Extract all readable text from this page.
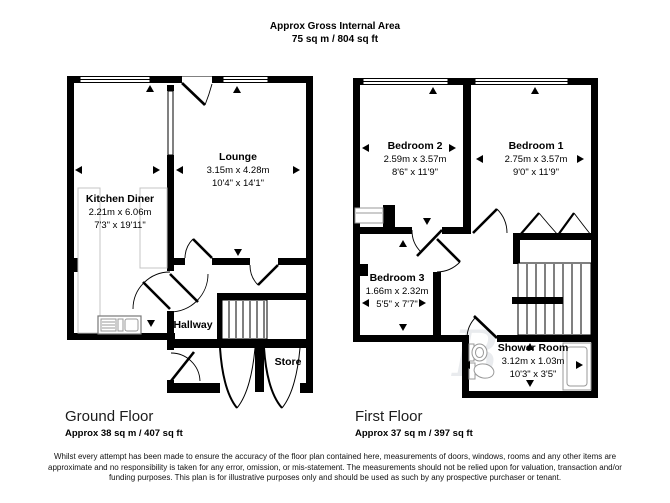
Approx Gross Internal Area
75 sq m / 804 sq ft
Kitchen Diner
2.21m x 6.06m
7'3" x 19'11"
Lounge
3.15m x 4.28m
10'4" x 14'1"
Hallway
Store
Bedroom 2
2.59m x 3.57m
8'6" x 11'9"
Bedroom 1
2.75m x 3.57m
9'0" x 11'9"
Bedroom 3
1.66m x 2.32m
5'5" x 7'7"
Shower Room
3.12m x 1.03m
10'3" x 3'5"
Ground Floor
Approx 38 sq m / 407 sq ft
First Floor
Approx 37 sq m / 397 sq ft
Whilst every attempt has been made to ensure the accuracy of the floor plan contained here, measurements of doors, windows, rooms and any other items are approximate and no responsibility is taken for any error, omission, or mis-statement. The measurements should not be relied upon for valuation, transaction and/or funding purposes. This plan is for illustrative purposes only and should be used as such by any prospective purchaser or tenant.
